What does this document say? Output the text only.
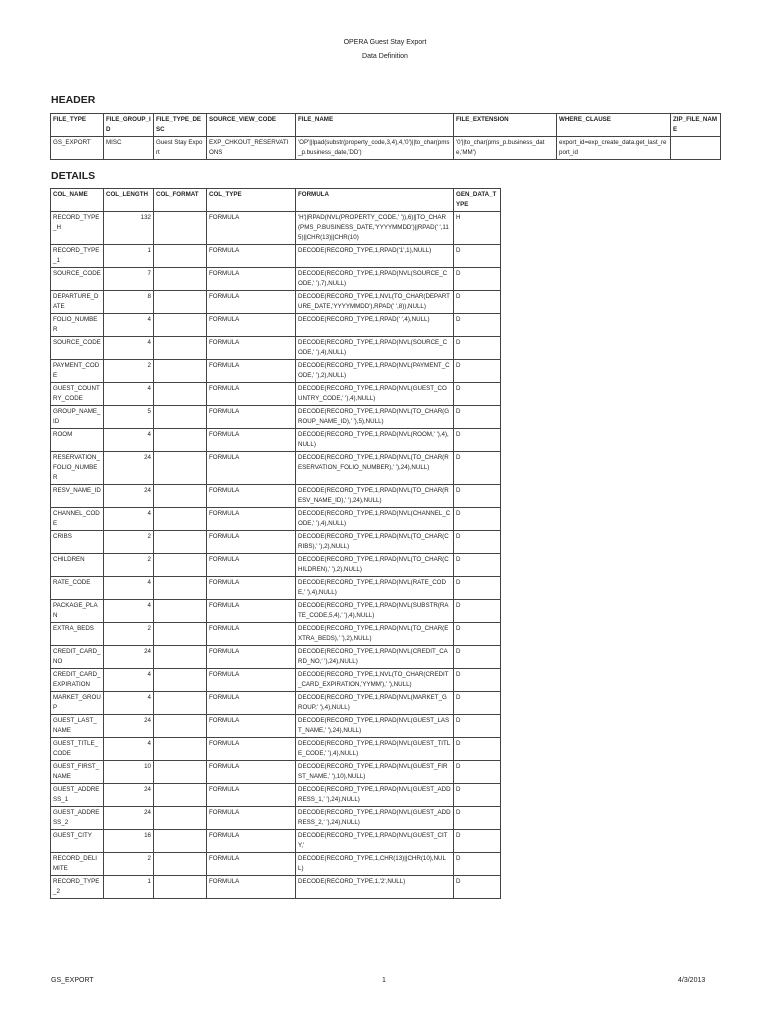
OPERA Guest Stay Export
Data Definition
HEADER
FILE_TYPE	FILE_GROUP_ID	FILE_TYPE_DESC	SOURCE_VIEW_CODE	FILE_NAME	FILE_EXTENSION	WHERE_CLAUSE	ZIP_FILE_NAME
GS_EXPORT	MISC	Guest Stay Export	EXP_CHKOUT_RESERVATIONS	'OP'||lpad(substr(property_code,3,4),4,'0')||to_char(pms_p.business_date,'DD')	'0'||to_char(pms_p.business_date,'MM')	export_id=exp_create_data.get_last_report_id	
DETAILS
COL_NAME	COL_LENGTH	COL_FORMAT	COL_TYPE	FORMULA	GEN_DATA_TYPE
RECORD_TYPE_H	132		FORMULA	'H'||RPAD(NVL(PROPERTY_CODE,' ')),6)||TO_CHAR(PMS_P.BUSINESS_DATE,'YYYYMMDD')||RPAD(' ',115)||CHR(13)||CHR(10)	H
RECORD_TYPE_1	1		FORMULA	DECODE(RECORD_TYPE,1,RPAD('1',1),NULL)	D
SOURCE_CODE	7		FORMULA	DECODE(RECORD_TYPE,1,RPAD(NVL(SOURCE_CODE,' '),7),NULL)	D
DEPARTURE_DATE	8		FORMULA	DECODE(RECORD_TYPE,1,NVL(TO_CHAR(DEPARTURE_DATE,'YYYYMMDD'),RPAD(' ',8)),NULL)	D
FOLIO_NUMBER	4		FORMULA	DECODE(RECORD_TYPE,1,RPAD(' ',4),NULL)	D
SOURCE_CODE	4		FORMULA	DECODE(RECORD_TYPE,1,RPAD(NVL(SOURCE_CODE,' '),4),NULL)	D
PAYMENT_CODE	2		FORMULA	DECODE(RECORD_TYPE,1,RPAD(NVL(PAYMENT_CODE,' '),2),NULL)	D
GUEST_COUNTRY_CODE	4		FORMULA	DECODE(RECORD_TYPE,1,RPAD(NVL(GUEST_COUNTRY_CODE,' '),4),NULL)	D
GROUP_NAME_ID	5		FORMULA	DECODE(RECORD_TYPE,1,RPAD(NVL(TO_CHAR(GROUP_NAME_ID),' '),5),NULL)	D
ROOM	4		FORMULA	DECODE(RECORD_TYPE,1,RPAD(NVL(ROOM,' '),4),NULL)	D
RESERVATION_FOLIO_NUMBER	24		FORMULA	DECODE(RECORD_TYPE,1,RPAD(NVL(TO_CHAR(RESERVATION_FOLIO_NUMBER),' '),24),NULL)	D
RESV_NAME_ID	24		FORMULA	DECODE(RECORD_TYPE,1,RPAD(NVL(TO_CHAR(RESV_NAME_ID),' '),24),NULL)	D
CHANNEL_CODE	4		FORMULA	DECODE(RECORD_TYPE,1,RPAD(NVL(CHANNEL_CODE,' '),4),NULL)	D
CRIBS	2		FORMULA	DECODE(RECORD_TYPE,1,RPAD(NVL(TO_CHAR(CRIBS),' '),2),NULL)	D
CHILDREN	2		FORMULA	DECODE(RECORD_TYPE,1,RPAD(NVL(TO_CHAR(CHILDREN),' '),2),NULL)	D
RATE_CODE	4		FORMULA	DECODE(RECORD_TYPE,1,RPAD(NVL(RATE_CODE,' '),4),NULL)	D
PACKAGE_PLAN	4		FORMULA	DECODE(RECORD_TYPE,1,RPAD(NVL(SUBSTR(RATE_CODE,5,4),' '),4),NULL)	D
EXTRA_BEDS	2		FORMULA	DECODE(RECORD_TYPE,1,RPAD(NVL(TO_CHAR(EXTRA_BEDS),' '),2),NULL)	D
CREDIT_CARD_NO	24		FORMULA	DECODE(RECORD_TYPE,1,RPAD(NVL(CREDIT_CARD_NO,' '),24),NULL)	D
CREDIT_CARD_EXPIRATION	4		FORMULA	DECODE(RECORD_TYPE,1,NVL(TO_CHAR(CREDIT_CARD_EXPIRATION,'YYMM'),' '),NULL)	D
MARKET_GROUP	4		FORMULA	DECODE(RECORD_TYPE,1,RPAD(NVL(MARKET_GROUP,' '),4),NULL)	D
GUEST_LAST_NAME	24		FORMULA	DECODE(RECORD_TYPE,1,RPAD(NVL(GUEST_LAST_NAME,' '),24),NULL)	D
GUEST_TITLE_CODE	4		FORMULA	DECODE(RECORD_TYPE,1,RPAD(NVL(GUEST_TITLE_CODE,' '),4),NULL)	D
GUEST_FIRST_NAME	10		FORMULA	DECODE(RECORD_TYPE,1,RPAD(NVL(GUEST_FIRST_NAME,' '),10),NULL)	D
GUEST_ADDRESS_1	24		FORMULA	DECODE(RECORD_TYPE,1,RPAD(NVL(GUEST_ADDRESS_1,' '),24),NULL)	D
GUEST_ADDRESS_2	24		FORMULA	DECODE(RECORD_TYPE,1,RPAD(NVL(GUEST_ADDRESS_2,' '),24),NULL)	D
GUEST_CITY	16		FORMULA	DECODE(RECORD_TYPE,1,RPAD(NVL(GUEST_CITY,'	D
RECORD_DELIMITE	2		FORMULA	DECODE(RECORD_TYPE,1,CHR(13)||CHR(10),NULL)	D
RECORD_TYPE_2	1		FORMULA	DECODE(RECORD_TYPE,1,'2',NULL)	D
GS_EXPORT	1	4/3/2013
